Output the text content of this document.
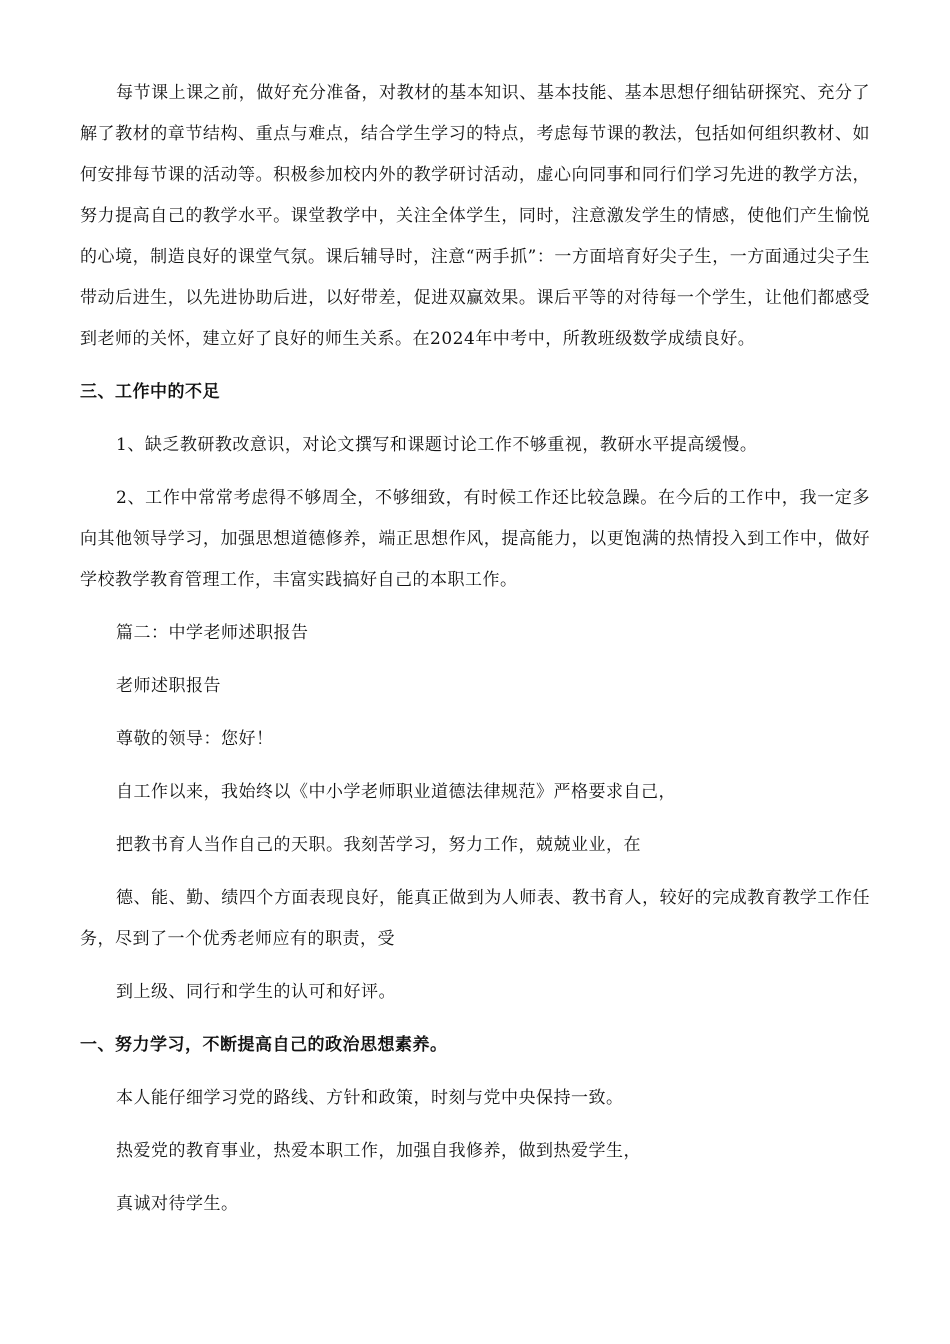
每节课上课之前，做好充分准备，对教材的基本知识、基本技能、基本思想仔细钻研探究、充分了解了教材的章节结构、重点与难点，结合学生学习的特点，考虑每节课的教法，包括如何组织教材、如何安排每节课的活动等。积极参加校内外的教学研讨活动，虚心向同事和同行们学习先进的教学方法，努力提高自己的教学水平。课堂教学中，关注全体学生，同时，注意激发学生的情感，使他们产生愉悦的心境，制造良好的课堂气氛。课后辅导时，注意“两手抓”：一方面培育好尖子生，一方面通过尖子生带动后进生，以先进协助后进，以好带差，促进双赢效果。课后平等的对待每一个学生，让他们都感受到老师的关怀，建立好了良好的师生关系。在2024年中考中，所教班级数学成绩良好。

三、工作中的不足

1、缺乏教研教改意识，对论文撰写和课题讨论工作不够重视，教研水平提高缓慢。

2、工作中常常考虑得不够周全，不够细致，有时候工作还比较急躁。在今后的工作中，我一定多向其他领导学习，加强思想道德修养，端正思想作风，提高能力，以更饱满的热情投入到工作中，做好学校教学教育管理工作，丰富实践搞好自己的本职工作。

篇二：中学老师述职报告

老师述职报告

尊敬的领导：您好！

自工作以来，我始终以《中小学老师职业道德法律规范》严格要求自己，

把教书育人当作自己的天职。我刻苦学习，努力工作，兢兢业业，在

德、能、勤、绩四个方面表现良好，能真正做到为人师表、教书育人，较好的完成教育教学工作任务，尽到了一个优秀老师应有的职责，受

到上级、同行和学生的认可和好评。

一、努力学习，不断提高自己的政治思想素养。

本人能仔细学习党的路线、方针和政策，时刻与党中央保持一致。

热爱党的教育事业，热爱本职工作，加强自我修养，做到热爱学生，

真诚对待学生。
